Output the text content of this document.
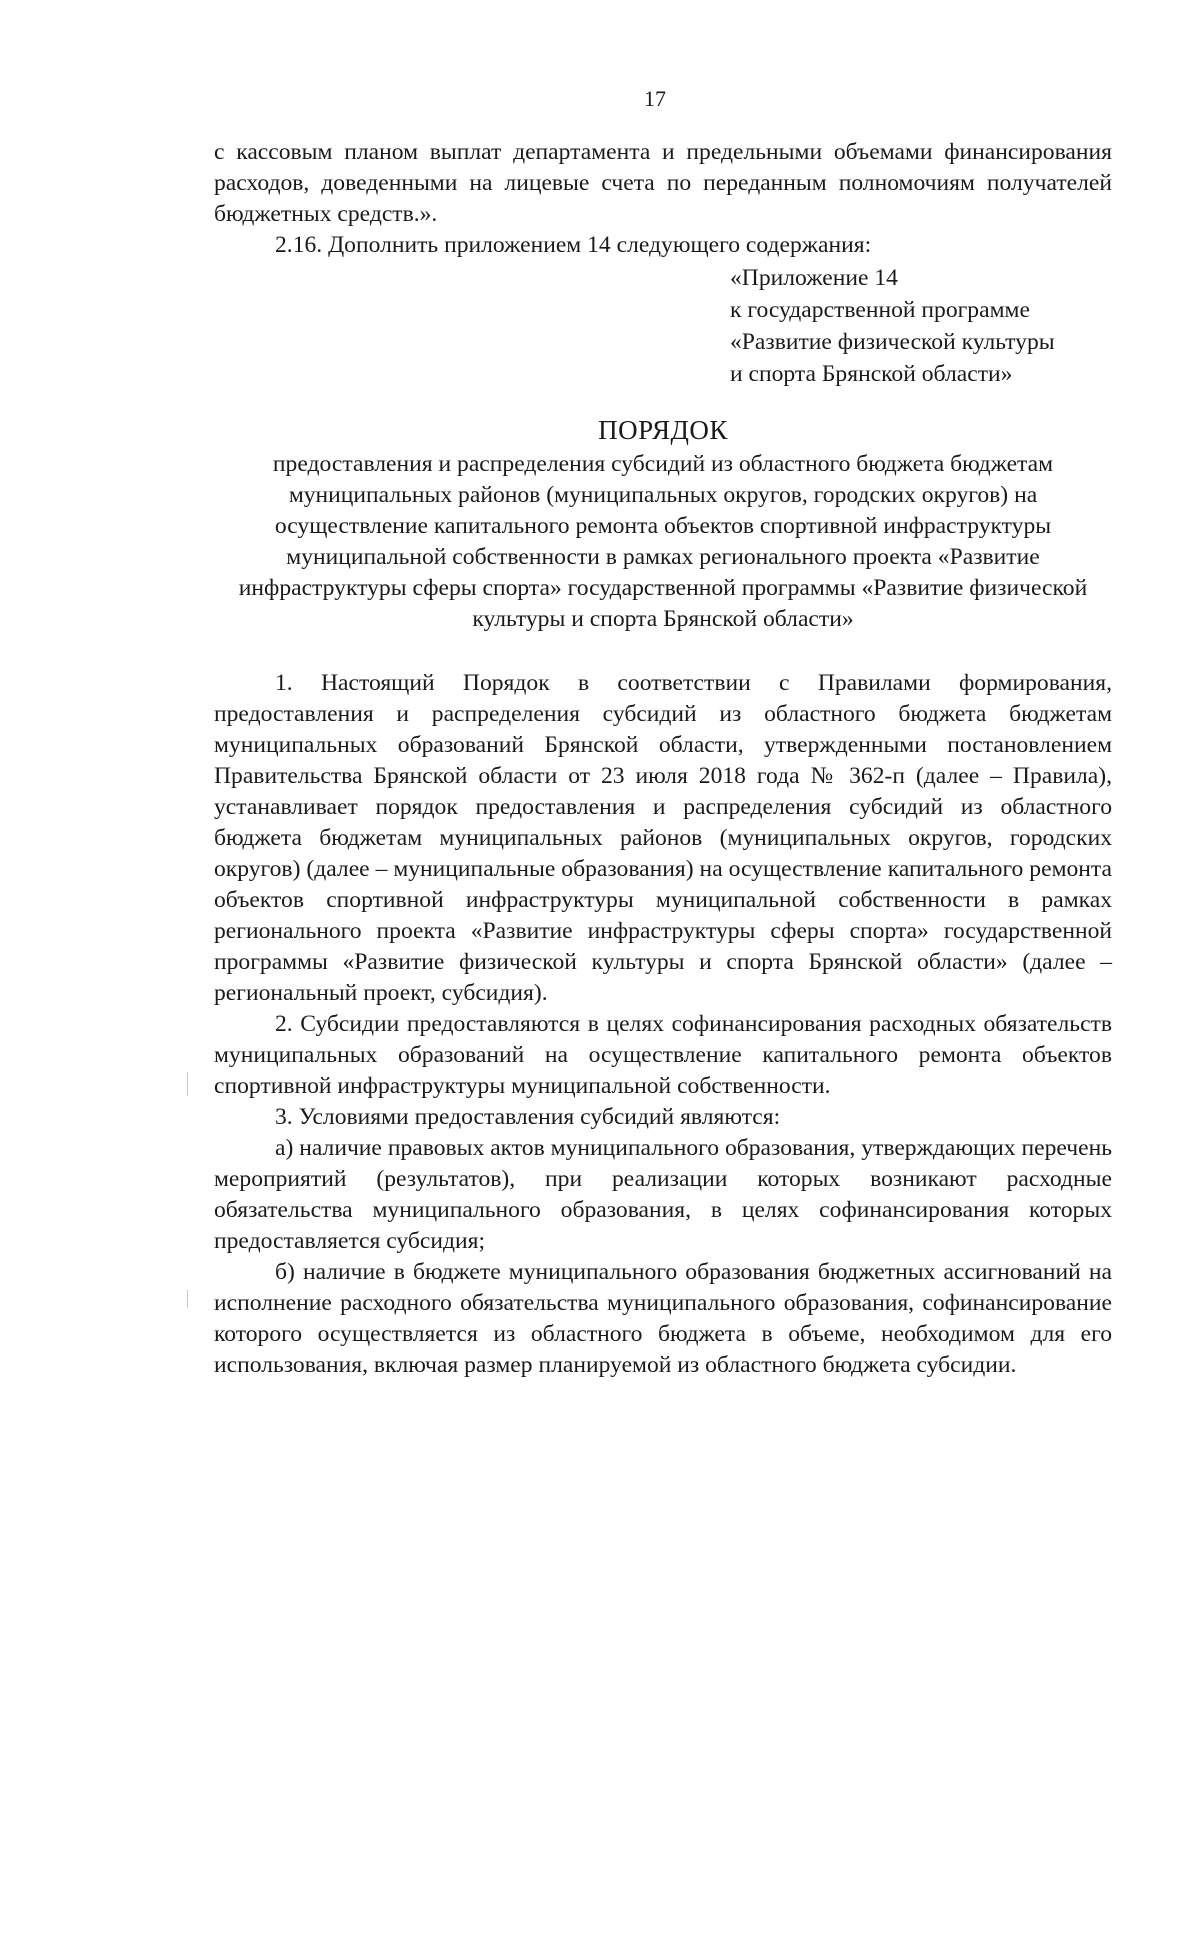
17

с кассовым планом выплат департамента и предельными объемами финансирования расходов, доведенными на лицевые счета по переданным полномочиям получателей бюджетных средств.».

2.16. Дополнить приложением 14 следующего содержания:

«Приложение 14
к государственной программе
«Развитие физической культуры
и спорта Брянской области»
ПОРЯДОК
предоставления и распределения субсидий из областного бюджета бюджетам муниципальных районов (муниципальных округов, городских округов) на осуществление капитального ремонта объектов спортивной инфраструктуры муниципальной собственности в рамках регионального проекта «Развитие инфраструктуры сферы спорта» государственной программы «Развитие физической культуры и спорта Брянской области»

1. Настоящий Порядок в соответствии с Правилами формирования, предоставления и распределения субсидий из областного бюджета бюджетам муниципальных образований Брянской области, утвержденными постановлением Правительства Брянской области от 23 июля 2018 года № 362-п (далее – Правила), устанавливает порядок предоставления и распределения субсидий из областного бюджета бюджетам муниципальных районов (муниципальных округов, городских округов) (далее – муниципальные образования) на осуществление капитального ремонта объектов спортивной инфраструктуры муниципальной собственности в рамках регионального проекта «Развитие инфраструктуры сферы спорта» государственной программы «Развитие физической культуры и спорта Брянской области» (далее – региональный проект, субсидия).

2. Субсидии предоставляются в целях софинансирования расходных обязательств муниципальных образований на осуществление капитального ремонта объектов спортивной инфраструктуры муниципальной собственности.

3. Условиями предоставления субсидий являются:

а) наличие правовых актов муниципального образования, утверждающих перечень мероприятий (результатов), при реализации которых возникают расходные обязательства муниципального образования, в целях софинансирования которых предоставляется субсидия;

б) наличие в бюджете муниципального образования бюджетных ассигнований на исполнение расходного обязательства муниципального образования, софинансирование которого осуществляется из областного бюджета в объеме, необходимом для его использования, включая размер планируемой из областного бюджета субсидии.
